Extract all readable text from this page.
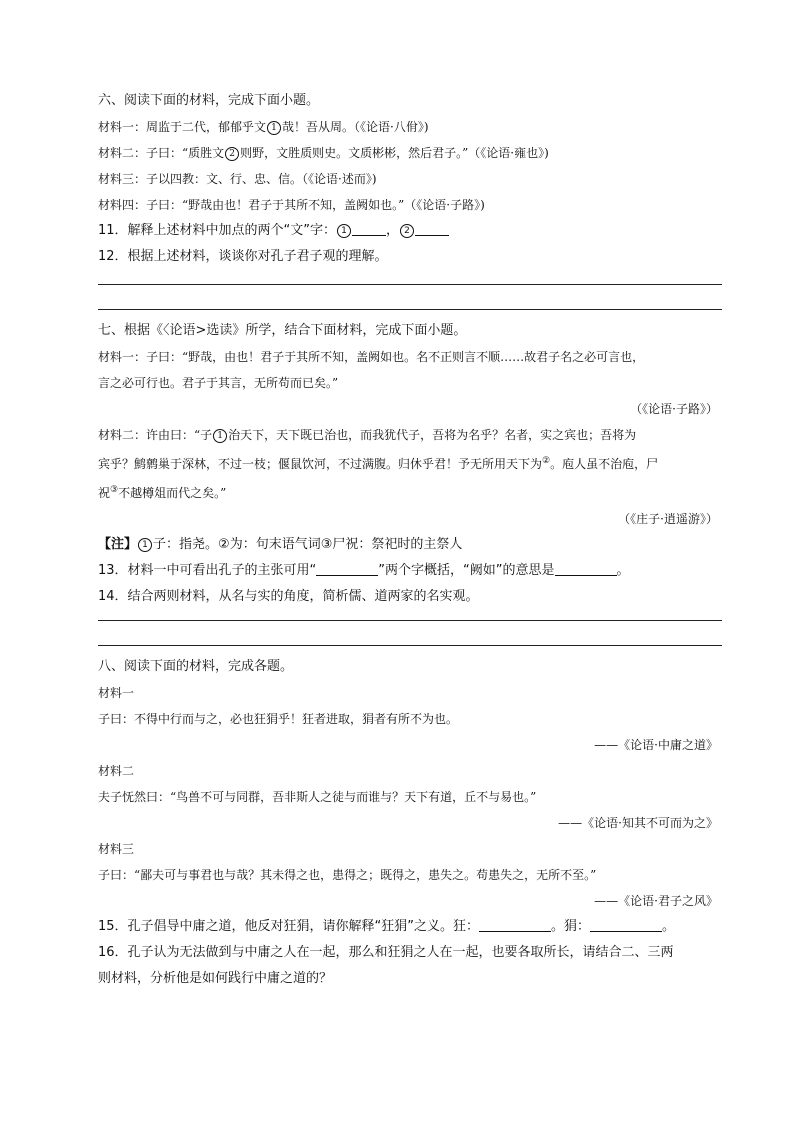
六、阅读下面的材料，完成下面小题。
材料一：周监于二代，郁郁乎文 1 哉！吾从周。（《论语·八佾》)
材料二：子曰：“质胜文 2 则野，文胜质则史。文质彬彬，然后君子。”（《论语·雍也》)
材料三：子以四教：文、行、忠、信。（《论语·述而》)
材料四：子曰：“野哉由也！君子于其所不知，盖阙如也。”（《论语·子路》)
11．解释上述材料中加点的两个“文”字： 1	， 2
12．根据上述材料，谈谈你对孔子君子观的理解。
七、根据《〈论语>选读》所学，结合下面材料，完成下面小题。
材料一：子曰：“野哉，由也！君子于其所不知，盖阙如也。名不正则言不顺……故君子名之必可言也，
言之必可行也。君子于其言，无所苟而已矣。”
（《论语·子路》）
材料二：许由曰：“子 1 治天下，天下既已治也，而我犹代子，吾将为名乎？名者，实之宾也；吾将为
宾乎？鹪鹩巢于深林，不过一枝；偃鼠饮河，不过满腹。归休乎君！予无所用天下为②。庖人虽不治庖，尸
祝③不越樽俎而代之矣。”
（《庄子·逍遥游》）
【注】 1 子：指尧。②为：句末语气词③尸祝：祭祀时的主祭人
13．材料一中可看出孔子的主张可用“	”两个字概括，“阙如”的意思是	。
14．结合两则材料，从名与实的角度，简析儒、道两家的名实观。
八、阅读下面的材料，完成各题。
材料一
子曰：不得中行而与之，必也狂狷乎！狂者进取，狷者有所不为也。
——《论语·中庸之道》
材料二
夫子怃然曰：“鸟兽不可与同群，吾非斯人之徒与而谁与？天下有道，丘不与易也。”
——《论语·知其不可而为之》
材料三
子曰：“鄙夫可与事君也与哉？其未得之也，患得之；既得之，患失之。苟患失之，无所不至。”
——《论语·君子之风》
15．孔子倡导中庸之道，他反对狂狷，请你解释“狂狷”之义。狂：	。狷：	。
16．孔子认为无法做到与中庸之人在一起，那么和狂狷之人在一起，也要各取所长，请结合二、三两
则材料，分析他是如何践行中庸之道的？
